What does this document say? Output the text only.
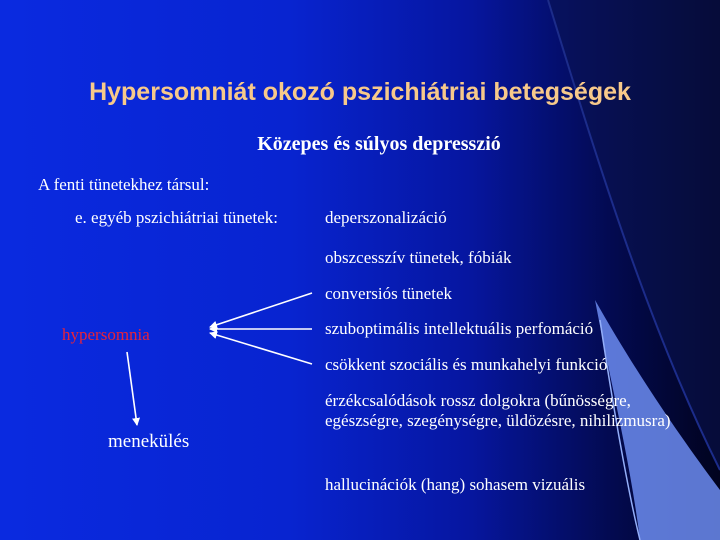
Hypersomniát okozó pszichiátriai betegségek
Közepes és súlyos depresszió
A fenti tünetekhez társul:
e. egyéb pszichiátriai tünetek:	deperszonalizáció
obszcesszív tünetek, fóbiák
conversiós tünetek
szuboptimális intellektuális perfomáció
csökkent szociális és munkahelyi funkció
érzékcsalódások rossz dolgokra (bűnösségre, egészségre, szegénységre, üldözésre, nihilizmusra)
hallucinációk (hang) sohasem vizuális
hypersomnia
menekülés
